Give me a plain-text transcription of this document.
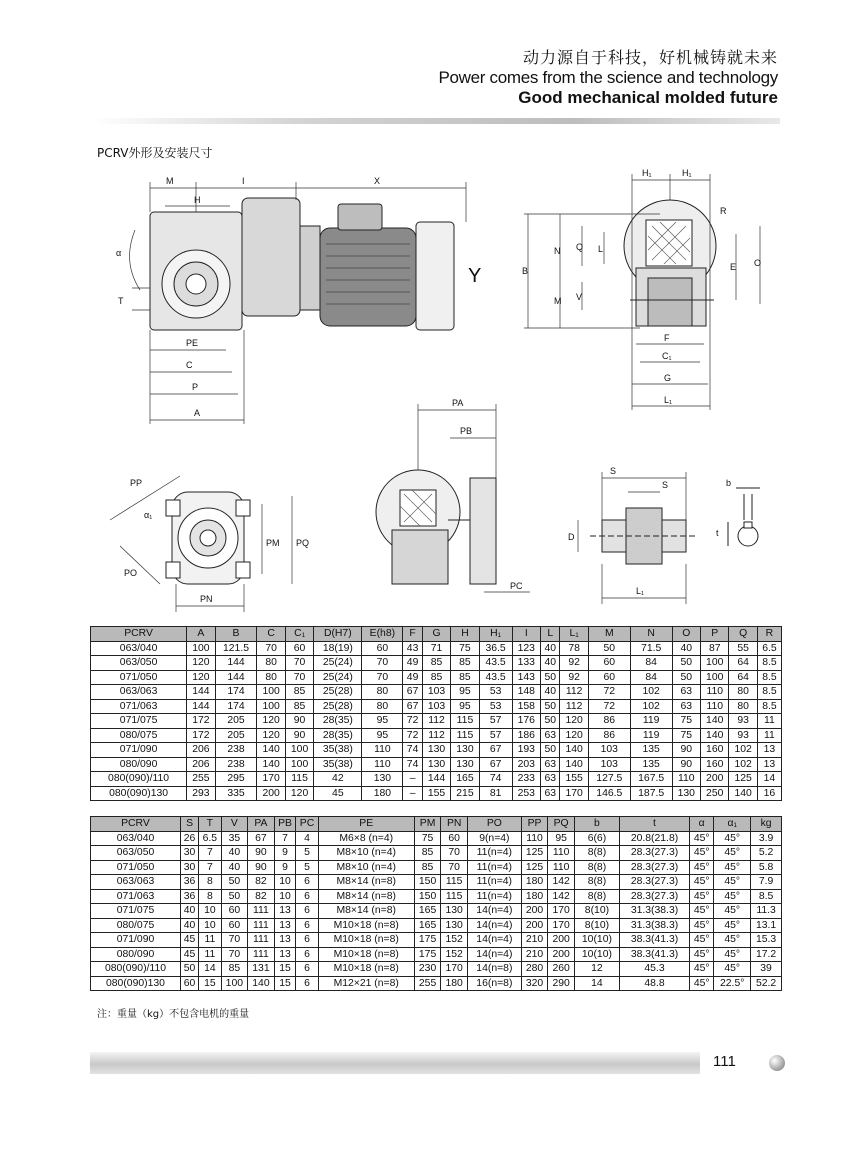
动力源自于科技，好机械铸就未来
Power comes from the science and technology
Good mechanical molded future
PCRV外形及安装尺寸
M	I	X
H
Y
α
T
PE
C
P
A
H₁	H₁
R
B
N Q L
V
M
E O
F
C₁
G
L₁
PP
α₁
PM PQ
PO
PN
PA
PB
PC
S
S
D
L₁
b
t
PCRV	A	B	C	C₁	D(H7)	E(h8)	F	G	H	H₁	I	L	L₁	M	N	O	P	Q	R
063/040	100	121.5	70	60	18(19)	60	43	71	75	36.5	123	40	78	50	71.5	40	87	55	6.5
063/050	120	144	80	70	25(24)	70	49	85	85	43.5	133	40	92	60	84	50	100	64	8.5
071/050	120	144	80	70	25(24)	70	49	85	85	43.5	143	50	92	60	84	50	100	64	8.5
063/063	144	174	100	85	25(28)	80	67	103	95	53	148	40	112	72	102	63	110	80	8.5
071/063	144	174	100	85	25(28)	80	67	103	95	53	158	50	112	72	102	63	110	80	8.5
071/075	172	205	120	90	28(35)	95	72	112	115	57	176	50	120	86	119	75	140	93	11
080/075	172	205	120	90	28(35)	95	72	112	115	57	186	63	120	86	119	75	140	93	11
071/090	206	238	140	100	35(38)	110	74	130	130	67	193	50	140	103	135	90	160	102	13
080/090	206	238	140	100	35(38)	110	74	130	130	67	203	63	140	103	135	90	160	102	13
080(090)/110	255	295	170	115	42	130	–	144	165	74	233	63	155	127.5	167.5	110	200	125	14
080(090)130	293	335	200	120	45	180	–	155	215	81	253	63	170	146.5	187.5	130	250	140	16
PCRV	S	T	V	PA	PB	PC	PE	PM	PN	PO	PP	PQ	b	t	α	α₁	kg
063/040	26	6.5	35	67	7	4	M6×8 (n=4)	75	60	9(n=4)	110	95	6(6)	20.8(21.8)	45°	45°	3.9
063/050	30	7	40	90	9	5	M8×10 (n=4)	85	70	11(n=4)	125	110	8(8)	28.3(27.3)	45°	45°	5.2
071/050	30	7	40	90	9	5	M8×10 (n=4)	85	70	11(n=4)	125	110	8(8)	28.3(27.3)	45°	45°	5.8
063/063	36	8	50	82	10	6	M8×14 (n=8)	150	115	11(n=4)	180	142	8(8)	28.3(27.3)	45°	45°	7.9
071/063	36	8	50	82	10	6	M8×14 (n=8)	150	115	11(n=4)	180	142	8(8)	28.3(27.3)	45°	45°	8.5
071/075	40	10	60	111	13	6	M8×14 (n=8)	165	130	14(n=4)	200	170	8(10)	31.3(38.3)	45°	45°	11.3
080/075	40	10	60	111	13	6	M10×18 (n=8)	165	130	14(n=4)	200	170	8(10)	31.3(38.3)	45°	45°	13.1
071/090	45	11	70	111	13	6	M10×18 (n=8)	175	152	14(n=4)	210	200	10(10)	38.3(41.3)	45°	45°	15.3
080/090	45	11	70	111	13	6	M10×18 (n=8)	175	152	14(n=4)	210	200	10(10)	38.3(41.3)	45°	45°	17.2
080(090)/110	50	14	85	131	15	6	M10×18 (n=8)	230	170	14(n=8)	280	260	12	45.3	45°	45°	39
080(090)130	60	15	100	140	15	6	M12×21 (n=8)	255	180	16(n=8)	320	290	14	48.8	45°	22.5°	52.2
注：重量（kg）不包含电机的重量
111
